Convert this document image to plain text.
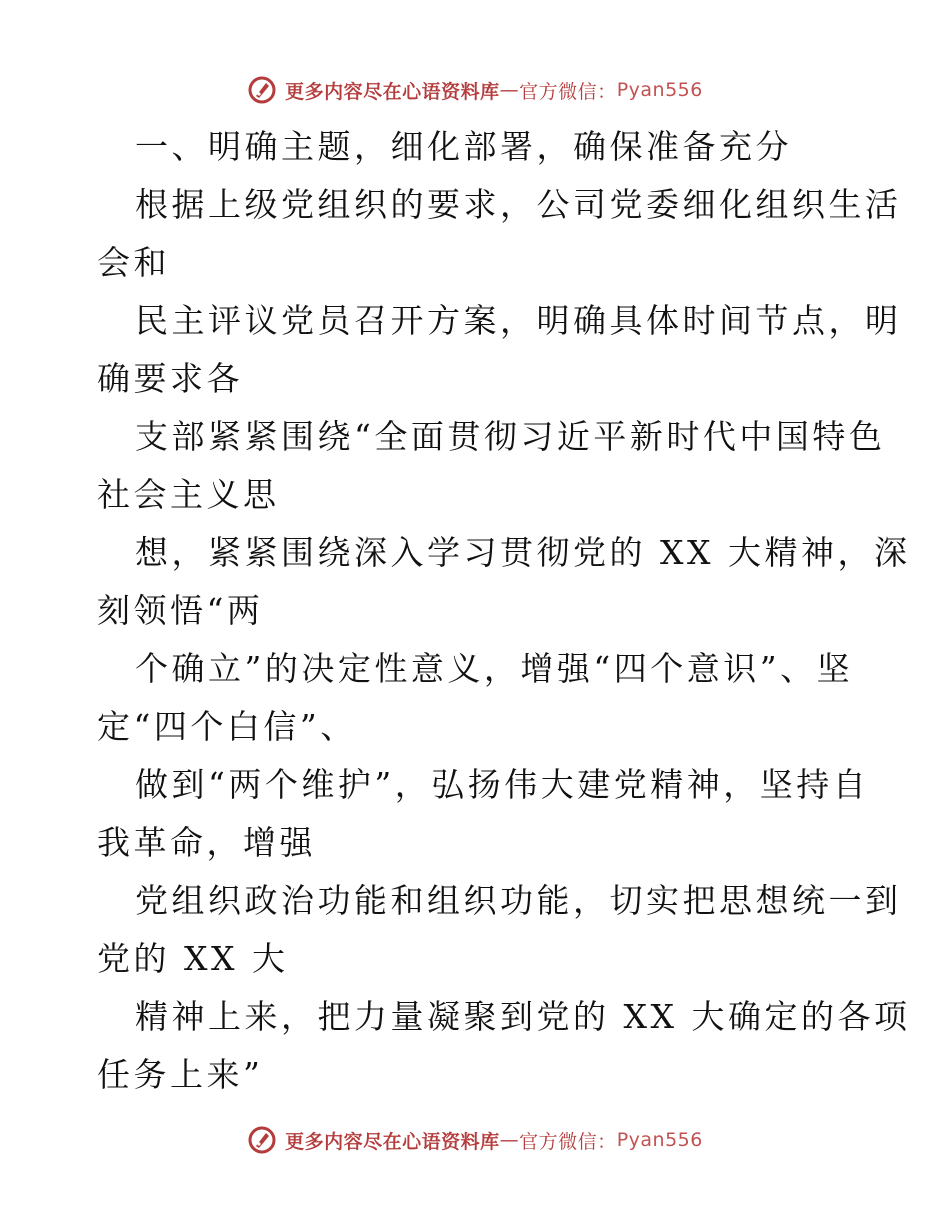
更多内容尽在心语资料库 — 官方微信： Pyan556
一、明确主题，细化部署，确保准备充分
根据上级党组织的要求，公司党委细化组织生活
会和
民主评议党员召开方案，明确具体时间节点，明
确要求各
支部紧紧围绕“全面贯彻习近平新时代中国特色
社会主义思
想，紧紧围绕深入学习贯彻党的 XX 大精神，深
刻领悟“两
个确立”的决定性意义，增强“四个意识”、坚
定“四个白信”、
做到“两个维护”，弘扬伟大建党精神，坚持自
我革命，增强
党组织政治功能和组织功能，切实把思想统一到
党的 XX 大
精神上来，把力量凝聚到党的 XX 大确定的各项
任务上来”
更多内容尽在心语资料库 — 官方微信： Pyan556
